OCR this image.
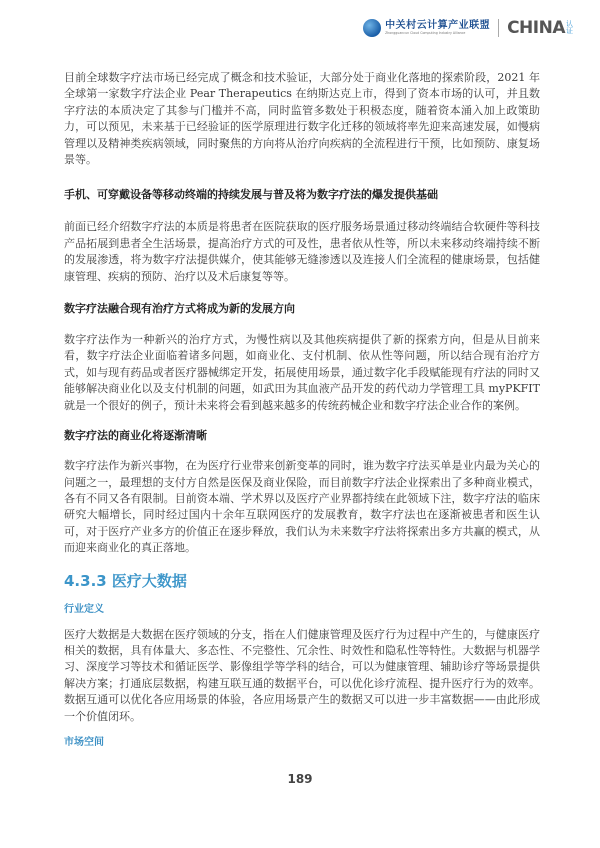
中关村云计算产业联盟
Zhongguancun Cloud Computing Industry Alliance	CHINA 认证

目前全球数字疗法市场已经完成了概念和技术验证，大部分处于商业化落地的探索阶段，2021 年全球第一家数字疗法企业 Pear Therapeutics 在纳斯达克上市，得到了资本市场的认可，并且数字疗法的本质决定了其参与门槛并不高，同时监管多数处于积极态度，随着资本涌入加上政策助力，可以预见，未来基于已经验证的医学原理进行数字化迁移的领域将率先迎来高速发展，如慢病管理以及精神类疾病领域，同时聚焦的方向将从治疗向疾病的全流程进行干预，比如预防、康复场景等。

手机、可穿戴设备等移动终端的持续发展与普及将为数字疗法的爆发提供基础

前面已经介绍数字疗法的本质是将患者在医院获取的医疗服务场景通过移动终端结合软硬件等科技产品拓展到患者全生活场景，提高治疗方式的可及性，患者依从性等，所以未来移动终端持续不断的发展渗透，将为数字疗法提供媒介，使其能够无缝渗透以及连接人们全流程的健康场景，包括健康管理、疾病的预防、治疗以及术后康复等等。

数字疗法融合现有治疗方式将成为新的发展方向

数字疗法作为一种新兴的治疗方式，为慢性病以及其他疾病提供了新的探索方向，但是从目前来看，数字疗法企业面临着诸多问题，如商业化、支付机制、依从性等问题，所以结合现有治疗方式，如与现有药品或者医疗器械绑定开发，拓展使用场景，通过数字化手段赋能现有疗法的同时又能够解决商业化以及支付机制的问题，如武田为其血液产品开发的药代动力学管理工具 myPKFIT 就是一个很好的例子，预计未来将会看到越来越多的传统药械企业和数字疗法企业合作的案例。

数字疗法的商业化将逐渐清晰

数字疗法作为新兴事物，在为医疗行业带来创新变革的同时，谁为数字疗法买单是业内最为关心的问题之一，最理想的支付方自然是医保及商业保险，而目前数字疗法企业探索出了多种商业模式，各有不同又各有限制。目前资本端、学术界以及医疗产业界都持续在此领域下注，数字疗法的临床研究大幅增长，同时经过国内十余年互联网医疗的发展教育，数字疗法也在逐渐被患者和医生认可，对于医疗产业多方的价值正在逐步释放，我们认为未来数字疗法将探索出多方共赢的模式，从而迎来商业化的真正落地。

4.3.3 医疗大数据
行业定义

医疗大数据是大数据在医疗领域的分支，指在人们健康管理及医疗行为过程中产生的，与健康医疗相关的数据，具有体量大、多态性、不完整性、冗余性、时效性和隐私性等特性。大数据与机器学习、深度学习等技术和循证医学、影像组学等学科的结合，可以为健康管理、辅助诊疗等场景提供解决方案；打通底层数据，构建互联互通的数据平台，可以优化诊疗流程、提升医疗行为的效率。数据互通可以优化各应用场景的体验，各应用场景产生的数据又可以进一步丰富数据——由此形成一个价值闭环。

市场空间
189
